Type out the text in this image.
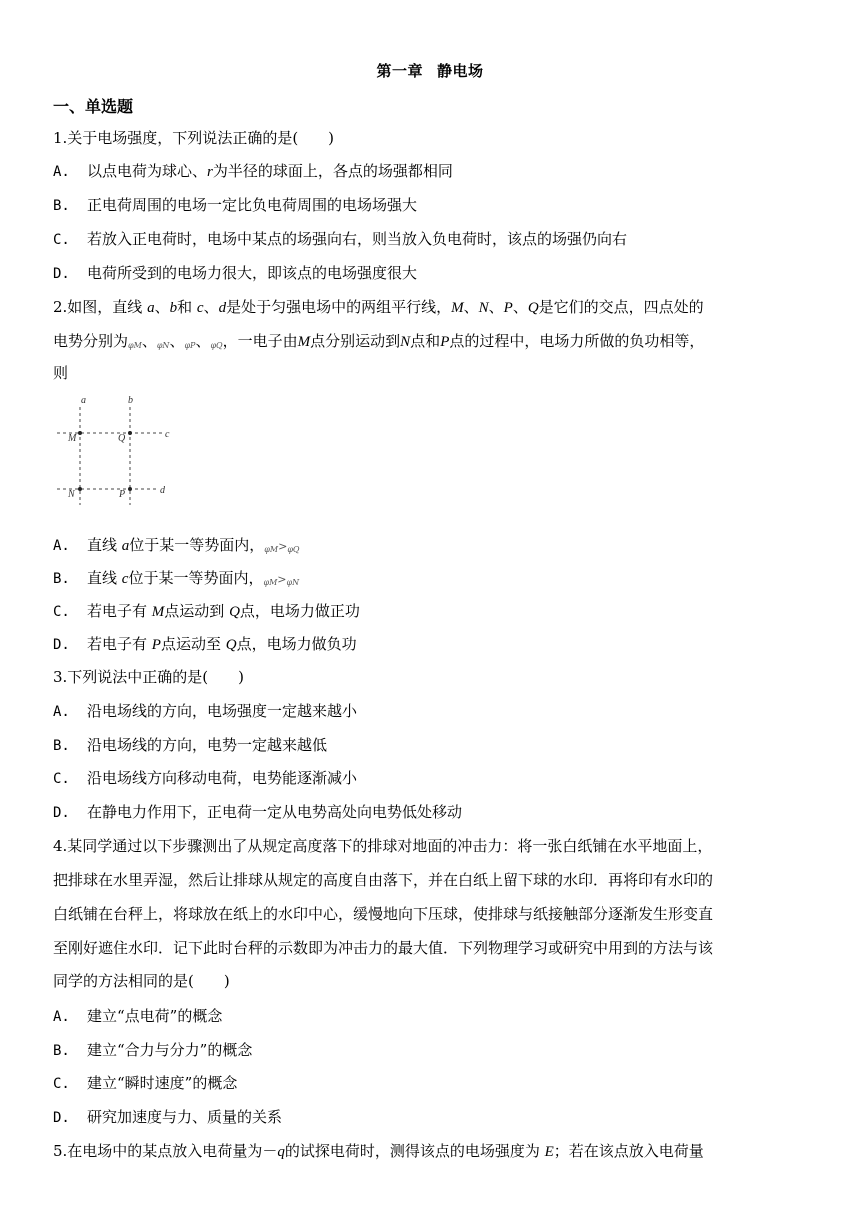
第一章 静电场
一、单选题
1.关于电场强度，下列说法正确的是(　　)
A. 以点电荷为球心、r为半径的球面上，各点的场强都相同
B. 正电荷周围的电场一定比负电荷周围的电场场强大
C. 若放入正电荷时，电场中某点的场强向右，则当放入负电荷时，该点的场强仍向右
D. 电荷所受到的电场力很大，即该点的电场强度很大
2.如图，直线 a、b和 c、d是处于匀强电场中的两组平行线，M、N、P、Q是它们的交点，四点处的
电势分别为$_{\varphi M}$、$_{\varphi N}$、$_{\varphi P}$、$_{\varphi Q}$，一电子由M点分别运动到N点和P点的过程中，电场力所做的负功相等，
则
a	b
c
d
M	Q
N	P
A. 直线 a位于某一等势面内，$_{\varphi M}>_{\varphi Q}$
B. 直线 c位于某一等势面内，$_{\varphi M}>_{\varphi N}$
C. 若电子有 M点运动到 Q点，电场力做正功
D. 若电子有 P点运动至 Q点，电场力做负功
3.下列说法中正确的是(　　)
A. 沿电场线的方向，电场强度一定越来越小
B. 沿电场线的方向，电势一定越来越低
C. 沿电场线方向移动电荷，电势能逐渐减小
D. 在静电力作用下，正电荷一定从电势高处向电势低处移动
4.某同学通过以下步骤测出了从规定高度落下的排球对地面的冲击力：将一张白纸铺在水平地面上，
把排球在水里弄湿，然后让排球从规定的高度自由落下，并在白纸上留下球的水印．再将印有水印的
白纸铺在台秤上，将球放在纸上的水印中心，缓慢地向下压球，使排球与纸接触部分逐渐发生形变直
至刚好遮住水印．记下此时台秤的示数即为冲击力的最大值．下列物理学习或研究中用到的方法与该
同学的方法相同的是(　　)
A. 建立“点电荷”的概念
B. 建立“合力与分力”的概念
C. 建立“瞬时速度”的概念
D. 研究加速度与力、质量的关系
5.在电场中的某点放入电荷量为－q的试探电荷时，测得该点的电场强度为 E；若在该点放入电荷量
